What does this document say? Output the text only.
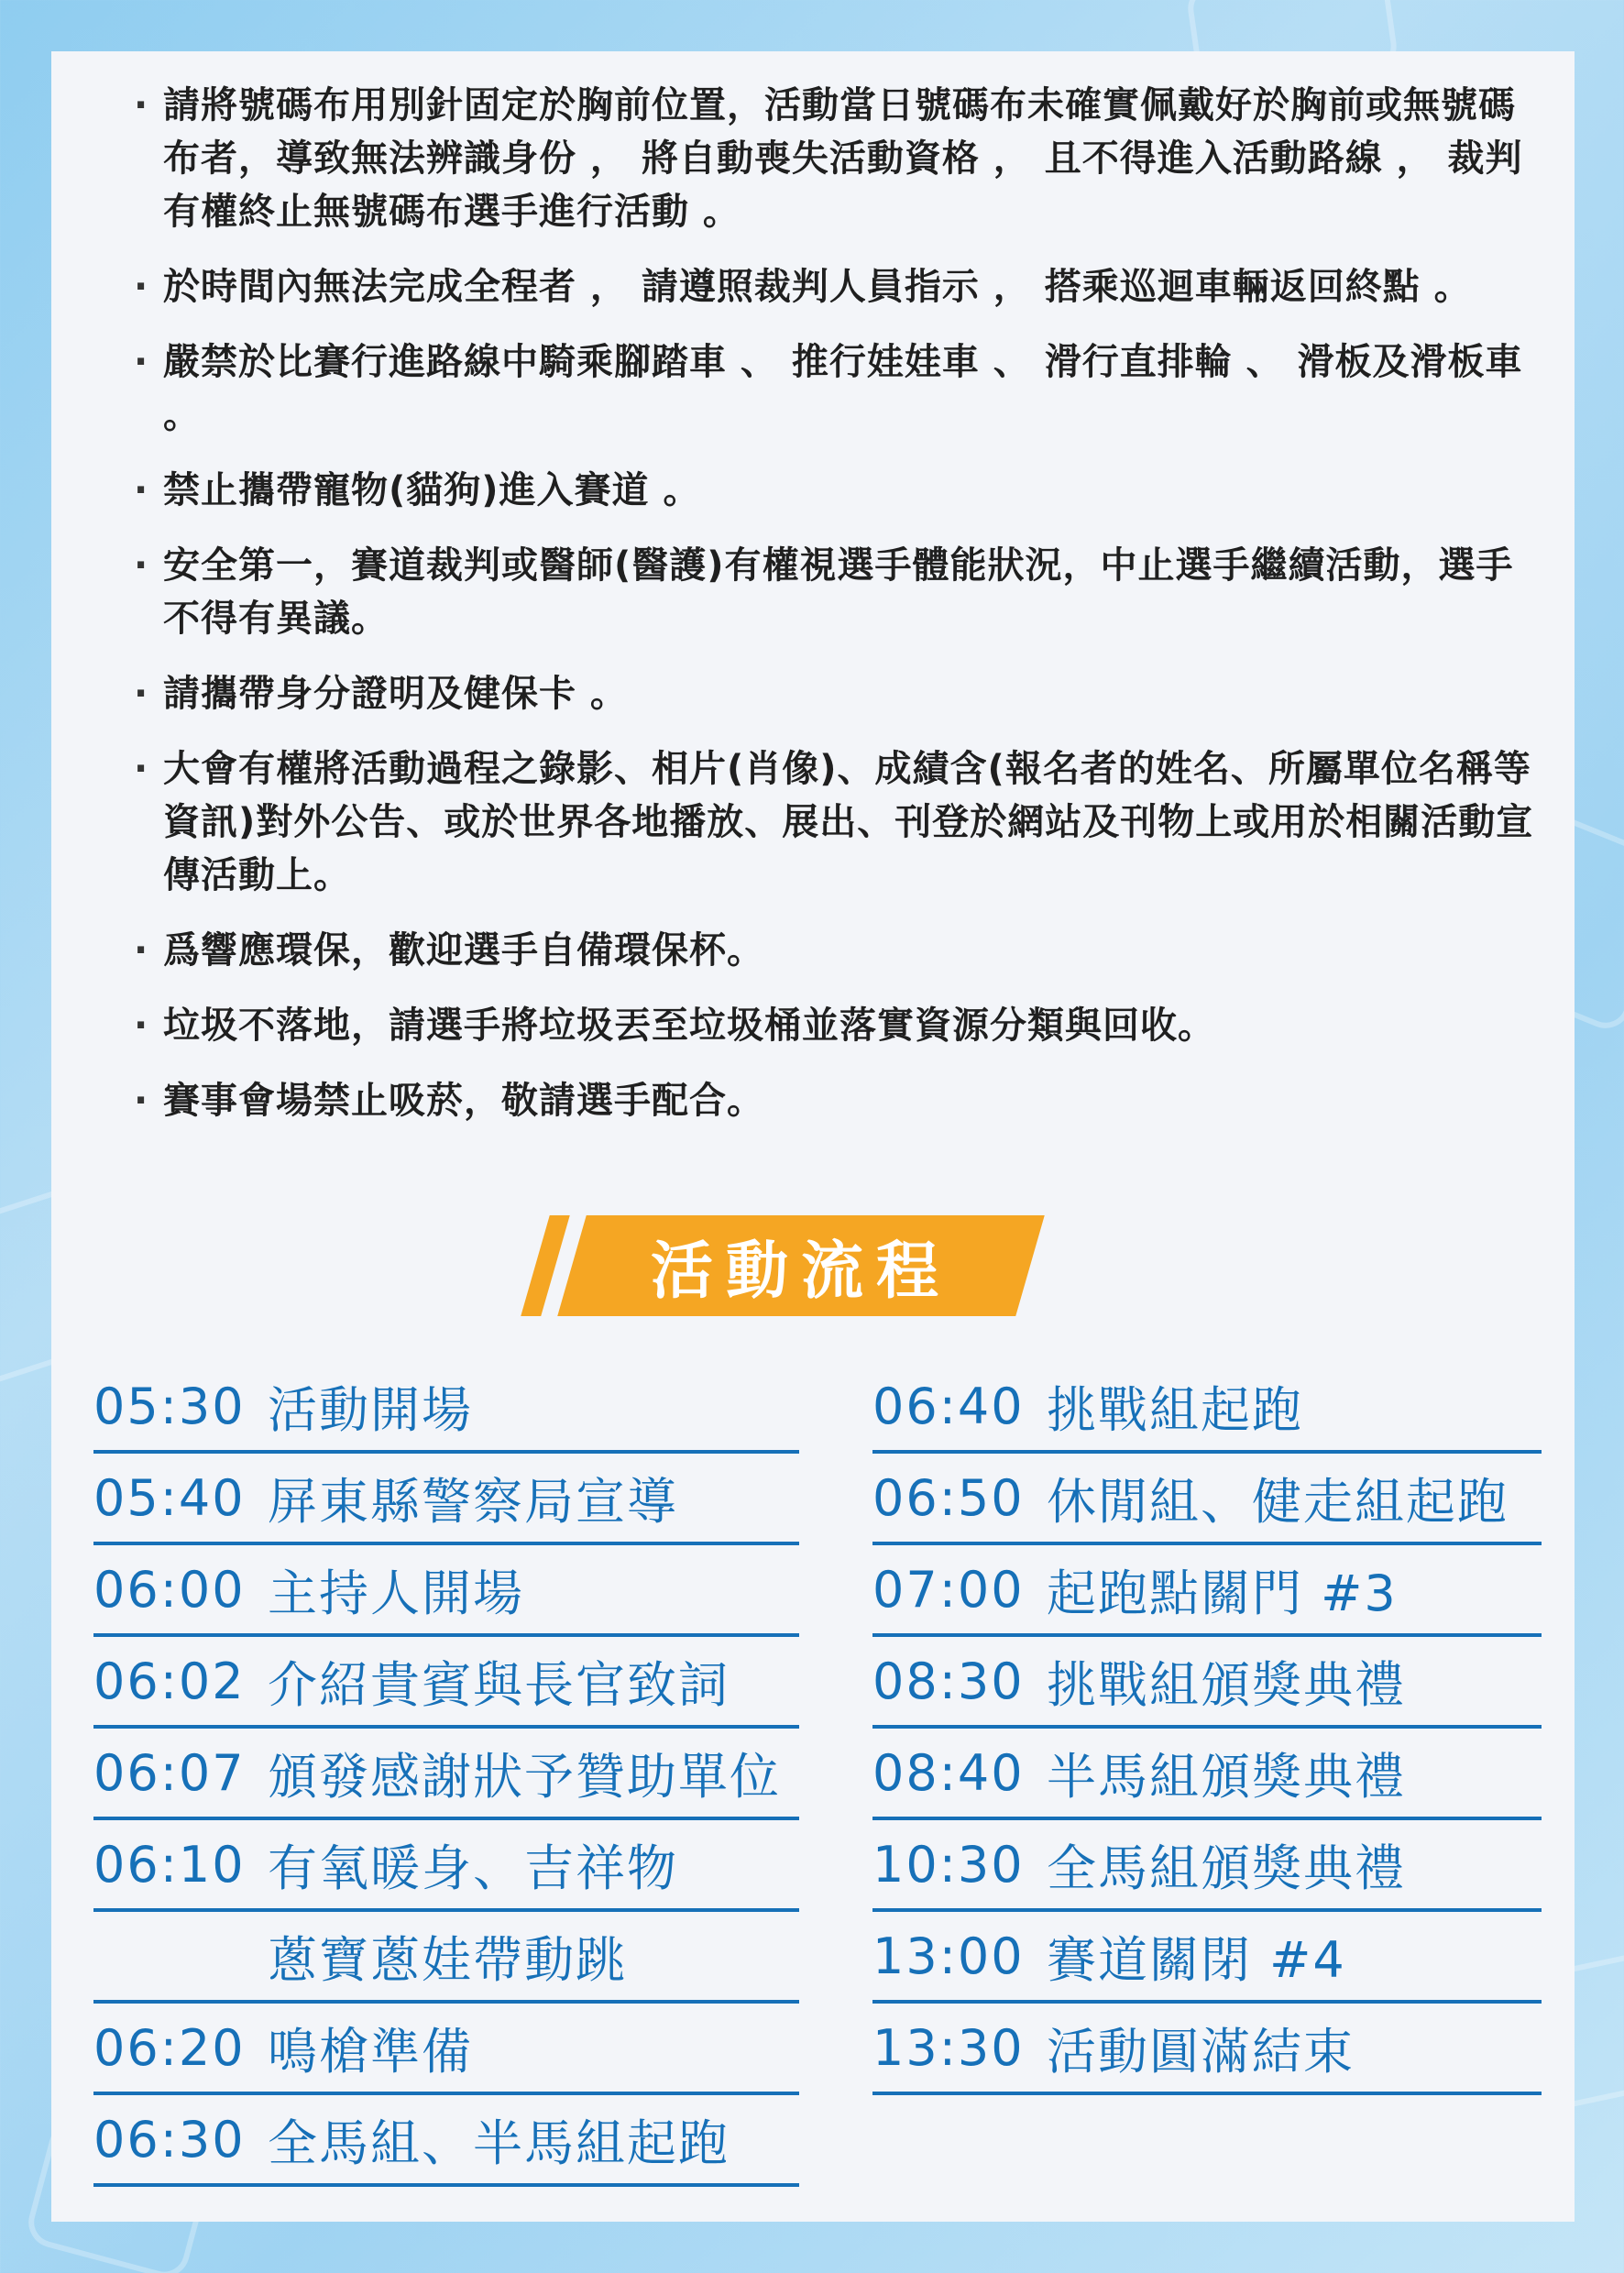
· 請將號碼布用別針固定於胸前位置，活動當日號碼布未確實佩戴好於胸前或無號碼布者，導致無法辨識身份 ， 將自動喪失活動資格 ， 且不得進入活動路線 ， 裁判有權終止無號碼布選手進行活動 。
· 於時間內無法完成全程者 ， 請遵照裁判人員指示 ， 搭乘巡迴車輛返回終點 。
· 嚴禁於比賽行進路線中騎乘腳踏車 、 推行娃娃車 、 滑行直排輪 、 滑板及滑板車 。
· 禁止攜帶寵物(貓狗)進入賽道 。
· 安全第一，賽道裁判或醫師(醫護)有權視選手體能狀況，中止選手繼續活動，選手不得有異議。
· 請攜帶身分證明及健保卡 。
· 大會有權將活動過程之錄影、相片(肖像)、成績含(報名者的姓名、所屬單位名稱等資訊)對外公告、或於世界各地播放、展出、刊登於網站及刊物上或用於相關活動宣傳活動上。
· 爲響應環保，歡迎選手自備環保杯。
· 垃圾不落地，請選手將垃圾丟至垃圾桶並落實資源分類與回收。
· 賽事會場禁止吸菸，敬請選手配合。
活動流程
05:30 活動開場
05:40 屏東縣警察局宣導
06:00 主持人開場
06:02 介紹貴賓與長官致詞
06:07 頒發感謝狀予贊助單位
06:10 有氧暖身、吉祥物
蔥寶蔥娃帶動跳
06:20 鳴槍準備
06:30 全馬組、半馬組起跑
06:40 挑戰組起跑
06:50 休閒組、健走組起跑
07:00 起跑點關門 #3
08:30 挑戰組頒獎典禮
08:40 半馬組頒獎典禮
10:30 全馬組頒獎典禮
13:00 賽道關閉 #4
13:30 活動圓滿結束
